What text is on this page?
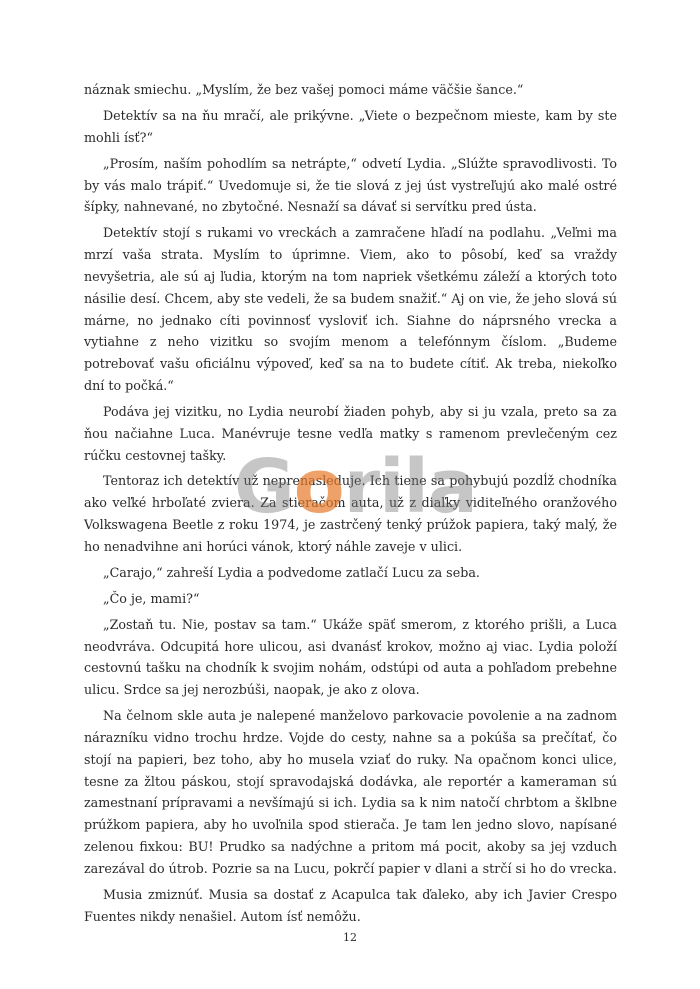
náznak smiechu. „Myslím, že bez vašej pomoci máme väčšie šance.“

Detektív sa na ňu mračí, ale prikývne. „Viete o bezpečnom mieste, kam by ste mohli ísť?“

„Prosím, naším pohodlím sa netrápte,“ odvetí Lydia. „Slúžte spravodlivosti. To by vás malo trápiť.“ Uvedomuje si, že tie slová z jej úst vystreľujú ako malé ostré šípky, nahnevané, no zbytočné. Nesnaží sa dávať si servítku pred ústa.

Detektív stojí s rukami vo vreckách a zamračene hľadí na podlahu. „Veľmi ma mrzí vaša strata. Myslím to úprimne. Viem, ako to pôsobí, keď sa vraždy nevyšetria, ale sú aj ľudia, ktorým na tom napriek všetkému záleží a ktorých toto násilie desí. Chcem, aby ste vedeli, že sa budem snažiť.“ Aj on vie, že jeho slová sú márne, no jednako cíti povinnosť vysloviť ich. Siahne do náprsného vrecka a vytiahne z neho vizitku so svojím menom a telefónnym číslom. „Budeme potrebovať vašu oficiálnu výpoveď, keď sa na to budete cítiť. Ak treba, niekoľko dní to počká.“

Podáva jej vizitku, no Lydia neurobí žiaden pohyb, aby si ju vzala, preto sa za ňou načiahne Luca. Manévruje tesne vedľa matky s ramenom prevlečeným cez rúčku cestovnej tašky.

Tentoraz ich detektív už neprenasleduje. Ich tiene sa pohybujú pozdĺž chodníka ako veľké hrboľaté zviera. Za stieračom auta, už z diaľky viditeľného oranžového Volkswagena Beetle z roku 1974, je zastrčený tenký prúžok papiera, taký malý, že ho nenadvihne ani horúci vánok, ktorý náhle zaveje v ulici.

„Carajo,“ zahreší Lydia a podvedome zatlačí Lucu za seba.

„Čo je, mami?“

„Zostaň tu. Nie, postav sa tam.“ Ukáže späť smerom, z ktorého prišli, a Luca neodvráva. Odcupitá hore ulicou, asi dvanásť krokov, možno aj viac. Lydia položí cestovnú tašku na chodník k svojim nohám, odstúpi od auta a pohľadom prebehne ulicu. Srdce sa jej nerozbúši, naopak, je ako z olova.

Na čelnom skle auta je nalepené manželovo parkovacie povolenie a na zadnom nárazníku vidno trochu hrdze. Vojde do cesty, nahne sa a pokúša sa prečítať, čo stojí na papieri, bez toho, aby ho musela vziať do ruky. Na opačnom konci ulice, tesne za žltou páskou, stojí spravodajská dodávka, ale reportér a kameraman sú zamestnaní prípravami a nevšímajú si ich. Lydia sa k nim natočí chrbtom a šklbne prúžkom papiera, aby ho uvoľnila spod stierača. Je tam len jedno slovo, napísané zelenou fixkou: BU! Prudko sa nadýchne a pritom má pocit, akoby sa jej vzduch zarezával do útrob. Pozrie sa na Lucu, pokrčí papier v dlani a strčí si ho do vrecka.

Musia zmiznúť. Musia sa dostať z Acapulca tak ďaleko, aby ich Javier Crespo Fuentes nikdy nenašiel. Autom ísť nemôžu.

Gorila
12
